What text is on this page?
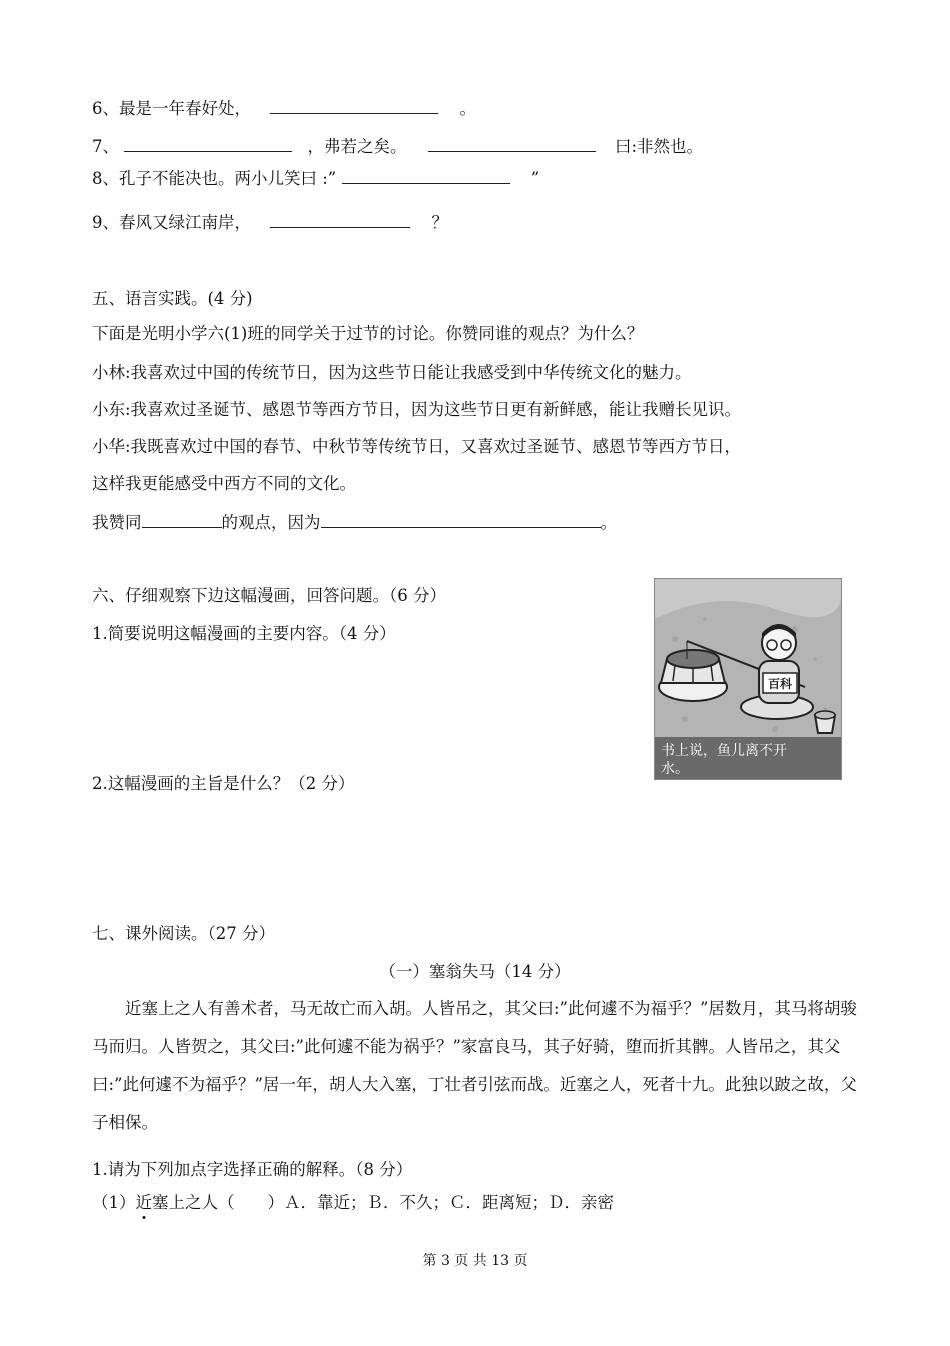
6、最是一年春好处，	。
7、	，弗若之矣。	曰:非然也。
8、孔子不能决也。两小儿笑曰 :”	”
9、春风又绿江南岸，	？
五、语言实践。(4 分)
下面是光明小学六(1)班的同学关于过节的讨论。你赞同谁的观点？为什么？
小林:我喜欢过中国的传统节日，因为这些节日能让我感受到中华传统文化的魅力。
小东:我喜欢过圣诞节、感恩节等西方节日，因为这些节日更有新鲜感，能让我赠长见识。
小华:我既喜欢过中国的春节、中秋节等传统节日，又喜欢过圣诞节、感恩节等西方节日，
这样我更能感受中西方不同的文化。
我赞同	的观点，因为	。
六、仔细观察下边这幅漫画，回答问题。（6 分）
1.简要说明这幅漫画的主要内容。（4 分）
2.这幅漫画的主旨是什么？（2 分）
百科
书上说，鱼儿离不开
水。
七、课外阅读。（27 分）
（一）塞翁失马（14 分）
近塞上之人有善术者，马无故亡而入胡。人皆吊之，其父曰:”此何遽不为福乎？”居数月，其马将胡骏马而归。人皆贺之，其父曰:”此何遽不能为祸乎？”家富良马，其子好骑，堕而折其髀。人皆吊之，其父曰:”此何遽不为福乎？”居一年，胡人大入塞，丁壮者引弦而战。近塞之人，死者十九。此独以跛之故，父子相保。
1.请为下列加点字选择正确的解释。（8 分）
（1）近塞上之人（　　）Ａ．靠近；Ｂ．不久；Ｃ．距离短；Ｄ．亲密
第 3 页 共 13 页
